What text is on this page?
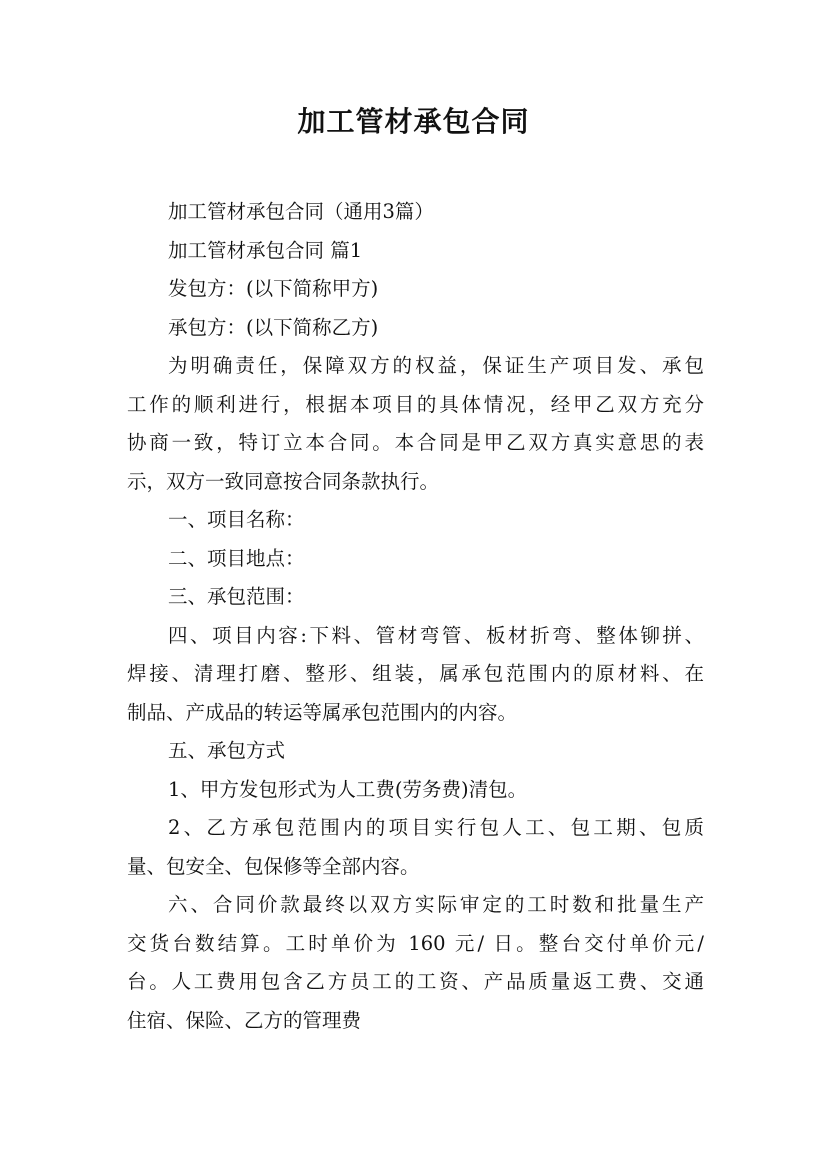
加工管材承包合同

加工管材承包合同（通用3篇）

加工管材承包合同 篇1

发包方：(以下简称甲方)

承包方：(以下简称乙方)

为明确责任，保障双方的权益，保证生产项目发、承包

工作的顺利进行，根据本项目的具体情况，经甲乙双方充分

协商一致，特订立本合同。本合同是甲乙双方真实意思的表

示，双方一致同意按合同条款执行。

一、项目名称：

二、项目地点：

三、承包范围：

四、项目内容:下料、管材弯管、板材折弯、整体铆拼、

焊接、清理打磨、整形、组装，属承包范围内的原材料、在

制品、产成品的转运等属承包范围内的内容。

五、承包方式

1、甲方发包形式为人工费(劳务费)清包。

2、乙方承包范围内的项目实行包人工、包工期、包质

量、包安全、包保修等全部内容。

六、合同价款最终以双方实际审定的工时数和批量生产

交货台数结算。工时单价为 160 元/ 日。整台交付单价元/

台。人工费用包含乙方员工的工资、产品质量返工费、交通

住宿、保险、乙方的管理费
